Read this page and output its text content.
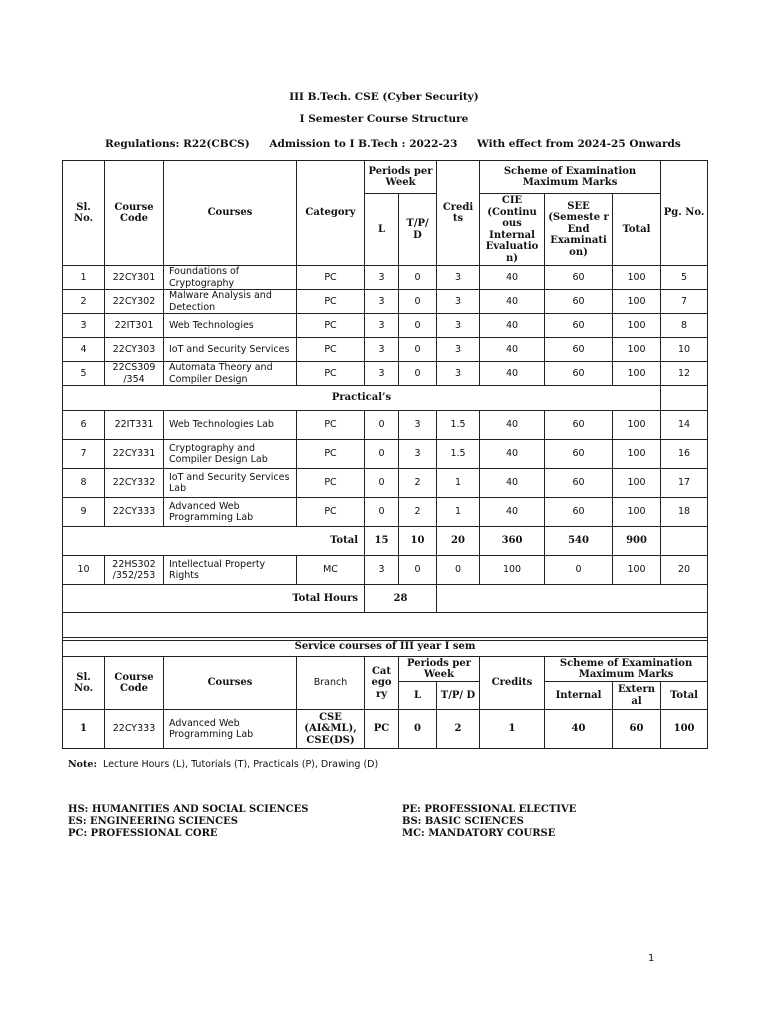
III B.Tech. CSE (Cyber Security)
I Semester Course Structure
Regulations: R22(CBCS) Admission to I B.Tech : 2022-23 With effect from 2024-25 Onwards
Sl. No.	Course Code	Courses	Category	Periods per Week		Credi ts	Scheme of Examination Maximum Marks			Pg. No.
				L	T/P/ D		CIE (Continu ous Internal Evaluatio n)	SEE (Semeste r End Examinati on)	Total	
1	22CY301	Foundations of Cryptography	PC	3	0	3	40	60	100	5
2	22CY302	Malware Analysis and Detection	PC	3	0	3	40	60	100	7
3	22IT301	Web Technologies	PC	3	0	3	40	60	100	8
4	22CY303	IoT and Security Services	PC	3	0	3	40	60	100	10
5	22CS309 /354	Automata Theory and Compiler Design	PC	3	0	3	40	60	100	12
Practical’s										
6	22IT331	Web Technologies Lab	PC	0	3	1.5	40	60	100	14
7	22CY331	Cryptography and Compiler Design Lab	PC	0	3	1.5	40	60	100	16
8	22CY332	IoT and Security Services Lab	PC	0	2	1	40	60	100	17
9	22CY333	Advanced Web Programming Lab	PC	0	2	1	40	60	100	18
Total				15	10	20	360	540	900	
10	22HS302 /352/253	Intellectual Property Rights	MC	3	0	0	100	0	100	20
Total Hours				28						

Service courses of III year I sem										
Sl. No.	Course Code	Courses	Branch	Cat ego ry	Periods per Week		Credits	Scheme of Examination Maximum Marks		
					L	T/P/ D		Internal	Extern al	Total
1	22CY333	Advanced Web Programming Lab	CSE (AI&ML), CSE(DS)	PC	0	2	1	40	60	100
Note: Lecture Hours (L), Tutorials (T), Practicals (P), Drawing (D)
HS: HUMANITIES AND SOCIAL SCIENCES
ES: ENGINEERING SCIENCES
PC: PROFESSIONAL CORE
PE: PROFESSIONAL ELECTIVE
BS: BASIC SCIENCES
MC: MANDATORY COURSE
1
